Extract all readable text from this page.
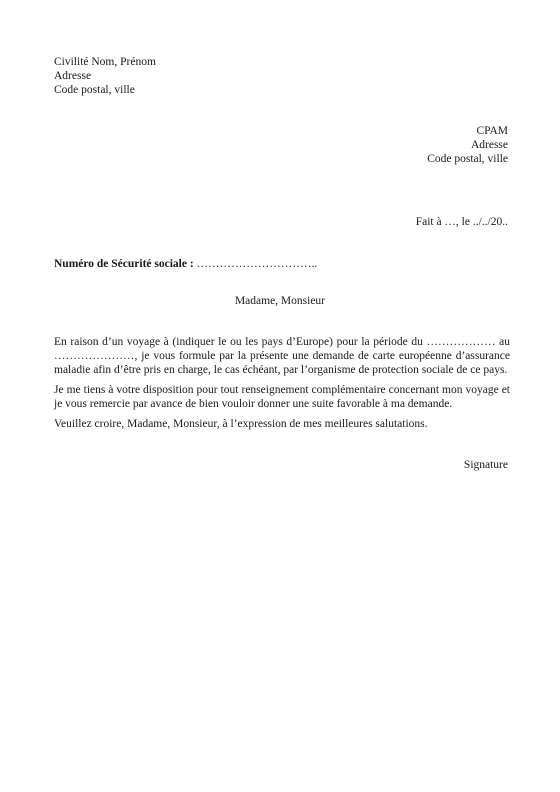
Civilité Nom, Prénom
Adresse
Code postal, ville
CPAM
Adresse
Code postal, ville
Fait à …, le ../../20..
Numéro de Sécurité sociale : …………………………..
Madame, Monsieur

En raison d’un voyage à (indiquer le ou les pays d’Europe) pour la période du ……………… au …………………, je vous formule par la présente une demande de carte européenne d’assurance maladie afin d’être pris en charge, le cas échéant, par l’organisme de protection sociale de ce pays.

Je me tiens à votre disposition pour tout renseignement complémentaire concernant mon voyage et je vous remercie par avance de bien vouloir donner une suite favorable à ma demande.

Veuillez croire, Madame, Monsieur, à l’expression de mes meilleures salutations.

Signature
